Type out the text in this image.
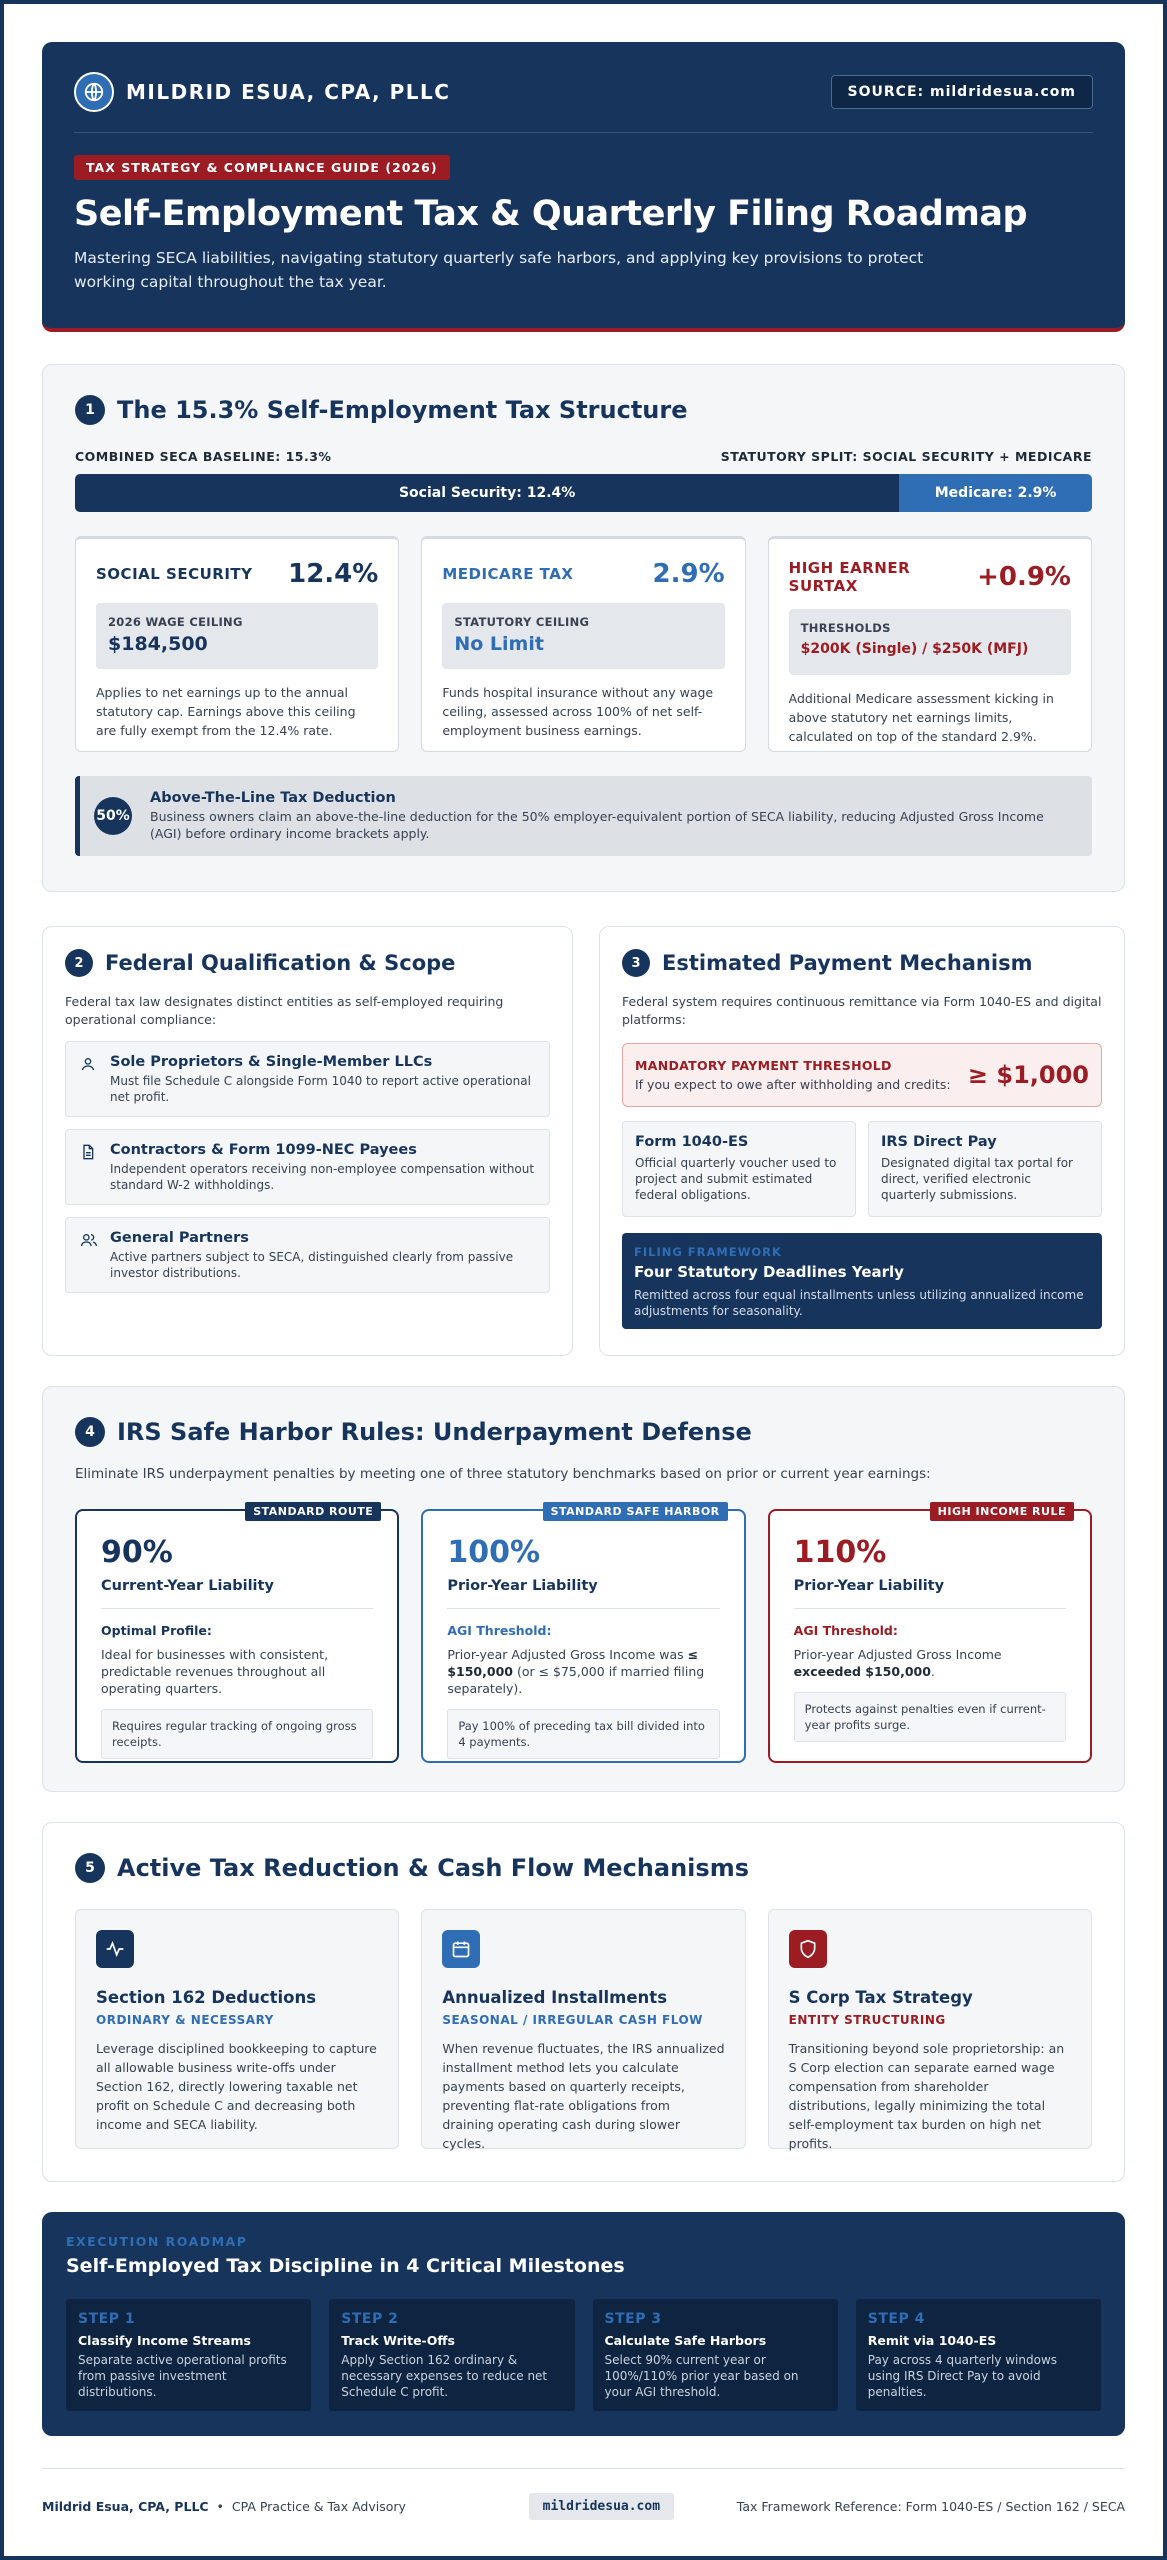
MILDRID ESUA, CPA, PLLC	SOURCE: mildridesua.com
TAX STRATEGY & COMPLIANCE GUIDE (2026)
Self-Employment Tax & Quarterly Filing Roadmap
Mastering SECA liabilities, navigating statutory quarterly safe harbors, and applying key provisions to protect working capital throughout the tax year.
1 The 15.3% Self-Employment Tax Structure
COMBINED SECA BASELINE: 15.3%	STATUTORY SPLIT: SOCIAL SECURITY + MEDICARE
Social Security: 12.4%	Medicare: 2.9%
SOCIAL SECURITY 12.4%
2026 WAGE CEILING
$184,500
Applies to net earnings up to the annual statutory cap. Earnings above this ceiling are fully exempt from the 12.4% rate.
MEDICARE TAX	2.9%
STATUTORY CEILING
No Limit
Funds hospital insurance without any wage ceiling, assessed across 100% of net self-employment business earnings.
HIGH EARNER SURTAX	+0.9%
THRESHOLDS
$200K (Single) / $250K (MFJ)
Additional Medicare assessment kicking in above statutory net earnings limits, calculated on top of the standard 2.9%.
50%
Above-The-Line Tax Deduction
Business owners claim an above-the-line deduction for the 50% employer-equivalent portion of SECA liability, reducing Adjusted Gross Income (AGI) before ordinary income brackets apply.
2	Federal Qualification & Scope
Federal tax law designates distinct entities as self-employed requiring operational compliance:
Sole Proprietors & Single-Member LLCs
Must file Schedule C alongside Form 1040 to report active operational net profit.
Contractors & Form 1099-NEC Payees
Independent operators receiving non-employee compensation without standard W-2 withholdings.
General Partners
Active partners subject to SECA, distinguished clearly from passive investor distributions.
3	Estimated Payment Mechanism
Federal system requires continuous remittance via Form 1040-ES and digital platforms:
MANDATORY PAYMENT THRESHOLD
If you expect to owe after withholding and credits: ≥ $1,000
Form 1040-ES
Official quarterly voucher used to project and submit estimated federal obligations.
IRS Direct Pay
Designated digital tax portal for direct, verified electronic quarterly submissions.
FILING FRAMEWORK
Four Statutory Deadlines Yearly
Remitted across four equal installments unless utilizing annualized income adjustments for seasonality.
4 IRS Safe Harbor Rules: Underpayment Defense
Eliminate IRS underpayment penalties by meeting one of three statutory benchmarks based on prior or current year earnings:
STANDARD ROUTE
90%
Current-Year Liability
Optimal Profile:
Ideal for businesses with consistent, predictable revenues throughout all operating quarters.
Requires regular tracking of ongoing gross receipts.
STANDARD SAFE HARBOR
100%
Prior-Year Liability
AGI Threshold:
Prior-year Adjusted Gross Income was ≤ $150,000 (or ≤ $75,000 if married filing separately).
Pay 100% of preceding tax bill divided into 4 payments.
HIGH INCOME RULE
110%
Prior-Year Liability
AGI Threshold:
Prior-year Adjusted Gross Income exceeded $150,000.
Protects against penalties even if current-year profits surge.
5 Active Tax Reduction & Cash Flow Mechanisms
Section 162 Deductions
ORDINARY & NECESSARY
Leverage disciplined bookkeeping to capture all allowable business write-offs under Section 162, directly lowering taxable net profit on Schedule C and decreasing both income and SECA liability.
Annualized Installments
SEASONAL / IRREGULAR CASH FLOW
When revenue fluctuates, the IRS annualized installment method lets you calculate payments based on quarterly receipts, preventing flat-rate obligations from draining operating cash during slower cycles.
S Corp Tax Strategy
ENTITY STRUCTURING
Transitioning beyond sole proprietorship: an S Corp election can separate earned wage compensation from shareholder distributions, legally minimizing the total self-employment tax burden on high net profits.
EXECUTION ROADMAP
Self-Employed Tax Discipline in 4 Critical Milestones
STEP 1
Classify Income Streams
Separate active operational profits from passive investment distributions.
STEP 2
Track Write-Offs
Apply Section 162 ordinary & necessary expenses to reduce net Schedule C profit.
STEP 3
Calculate Safe Harbors
Select 90% current year or 100%/110% prior year based on your AGI threshold.
STEP 4
Remit via 1040-ES
Pay across 4 quarterly windows using IRS Direct Pay to avoid penalties.
Mildrid Esua, CPA, PLLC • CPA Practice & Tax Advisory	mildridesua.com	Tax Framework Reference: Form 1040-ES / Section 162 / SECA
